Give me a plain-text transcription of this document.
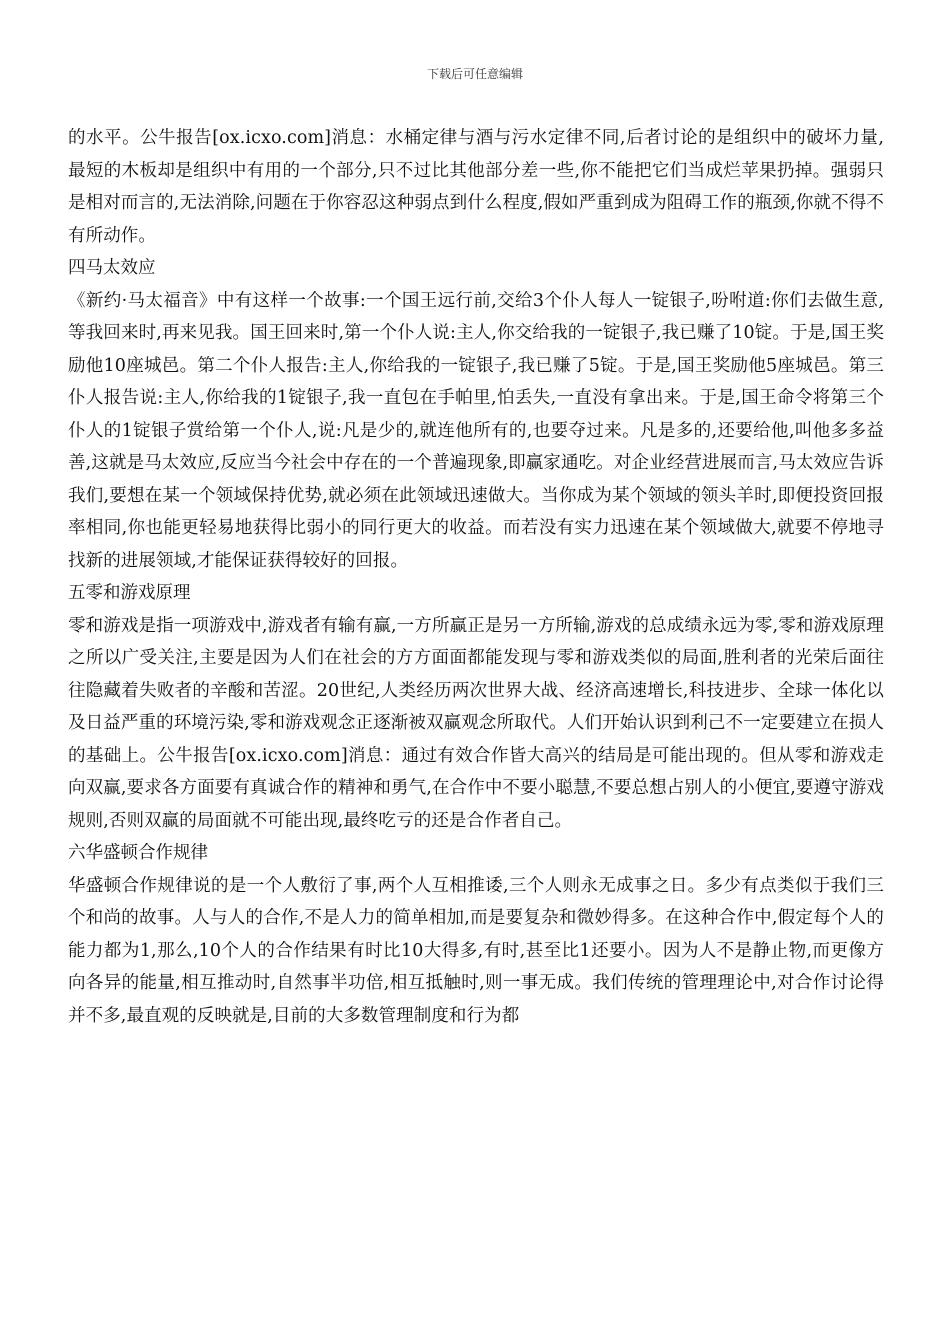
下载后可任意编辑

的水平。公牛报告[ox.icxo.com]消息：水桶定律与酒与污水定律不同,后者讨论的是组织中的破坏力量,最短的木板却是组织中有用的一个部分,只不过比其他部分差一些,你不能把它们当成烂苹果扔掉。强弱只是相对而言的,无法消除,问题在于你容忍这种弱点到什么程度,假如严重到成为阻碍工作的瓶颈,你就不得不有所动作。

四马太效应

《新约·马太福音》中有这样一个故事:一个国王远行前,交给3个仆人每人一锭银子,吩咐道:你们去做生意,等我回来时,再来见我。国王回来时,第一个仆人说:主人,你交给我的一锭银子,我已赚了10锭。于是,国王奖励他10座城邑。第二个仆人报告:主人,你给我的一锭银子,我已赚了5锭。于是,国王奖励他5座城邑。第三仆人报告说:主人,你给我的1锭银子,我一直包在手帕里,怕丢失,一直没有拿出来。于是,国王命令将第三个仆人的1锭银子赏给第一个仆人,说:凡是少的,就连他所有的,也要夺过来。凡是多的,还要给他,叫他多多益善,这就是马太效应,反应当今社会中存在的一个普遍现象,即赢家通吃。对企业经营进展而言,马太效应告诉我们,要想在某一个领域保持优势,就必须在此领域迅速做大。当你成为某个领域的领头羊时,即便投资回报率相同,你也能更轻易地获得比弱小的同行更大的收益。而若没有实力迅速在某个领域做大,就要不停地寻找新的进展领域,才能保证获得较好的回报。

五零和游戏原理

零和游戏是指一项游戏中,游戏者有输有赢,一方所赢正是另一方所输,游戏的总成绩永远为零,零和游戏原理之所以广受关注,主要是因为人们在社会的方方面面都能发现与零和游戏类似的局面,胜利者的光荣后面往往隐藏着失败者的辛酸和苦涩。20世纪,人类经历两次世界大战、经济高速增长,科技进步、全球一体化以及日益严重的环境污染,零和游戏观念正逐渐被双赢观念所取代。人们开始认识到利己不一定要建立在损人的基础上。公牛报告[ox.icxo.com]消息：通过有效合作皆大高兴的结局是可能出现的。但从零和游戏走向双赢,要求各方面要有真诚合作的精神和勇气,在合作中不要小聪慧,不要总想占别人的小便宜,要遵守游戏规则,否则双赢的局面就不可能出现,最终吃亏的还是合作者自己。

六华盛顿合作规律

华盛顿合作规律说的是一个人敷衍了事,两个人互相推诿,三个人则永无成事之日。多少有点类似于我们三个和尚的故事。人与人的合作,不是人力的简单相加,而是要复杂和微妙得多。在这种合作中,假定每个人的能力都为1,那么,10个人的合作结果有时比10大得多,有时,甚至比1还要小。因为人不是静止物,而更像方向各异的能量,相互推动时,自然事半功倍,相互抵触时,则一事无成。我们传统的管理理论中,对合作讨论得并不多,最直观的反映就是,目前的大多数管理制度和行为都
